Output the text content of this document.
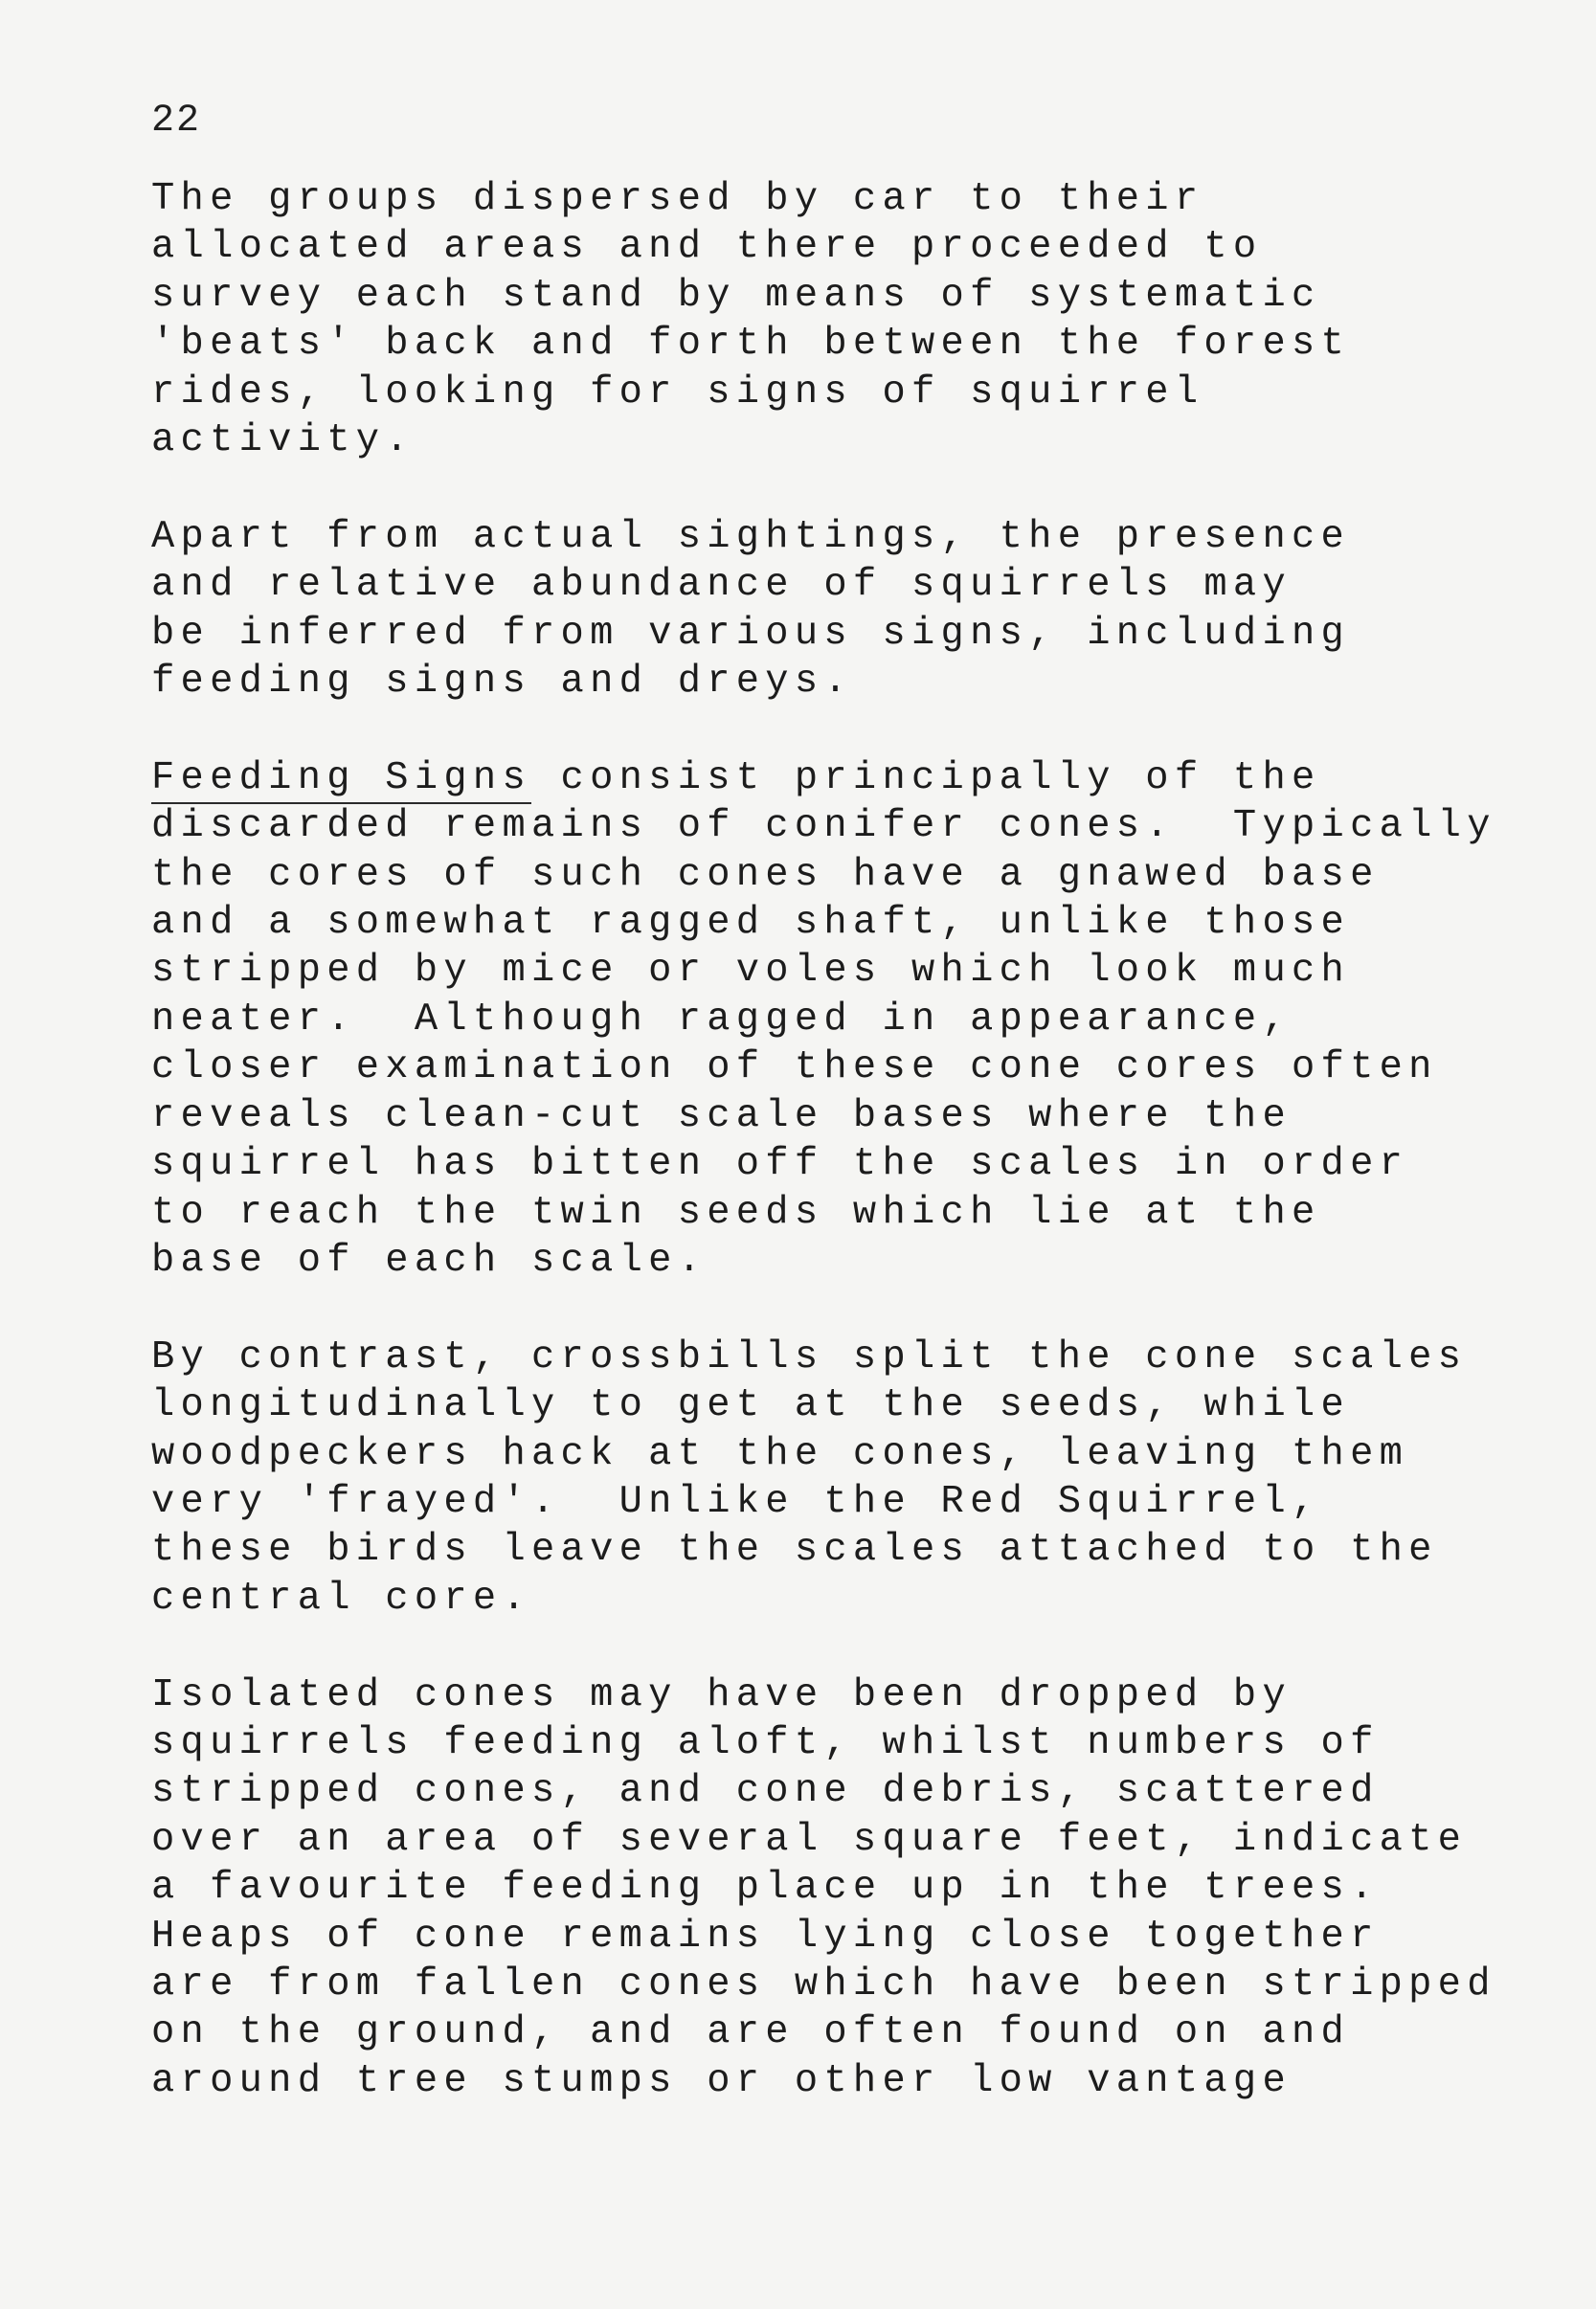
22

The groups dispersed by car to their
allocated areas and there proceeded to
survey each stand by means of systematic
'beats' back and forth between the forest
rides, looking for signs of squirrel
activity.

Apart from actual sightings, the presence
and relative abundance of squirrels may
be inferred from various signs, including
feeding signs and dreys.

Feeding Signs consist principally of the
discarded remains of conifer cones.  Typically
the cores of such cones have a gnawed base
and a somewhat ragged shaft, unlike those
stripped by mice or voles which look much
neater.  Although ragged in appearance,
closer examination of these cone cores often
reveals clean-cut scale bases where the
squirrel has bitten off the scales in order
to reach the twin seeds which lie at the
base of each scale.

By contrast, crossbills split the cone scales
longitudinally to get at the seeds, while
woodpeckers hack at the cones, leaving them
very 'frayed'.  Unlike the Red Squirrel,
these birds leave the scales attached to the
central core.

Isolated cones may have been dropped by
squirrels feeding aloft, whilst numbers of
stripped cones, and cone debris, scattered
over an area of several square feet, indicate
a favourite feeding place up in the trees.
Heaps of cone remains lying close together
are from fallen cones which have been stripped
on the ground, and are often found on and
around tree stumps or other low vantage
